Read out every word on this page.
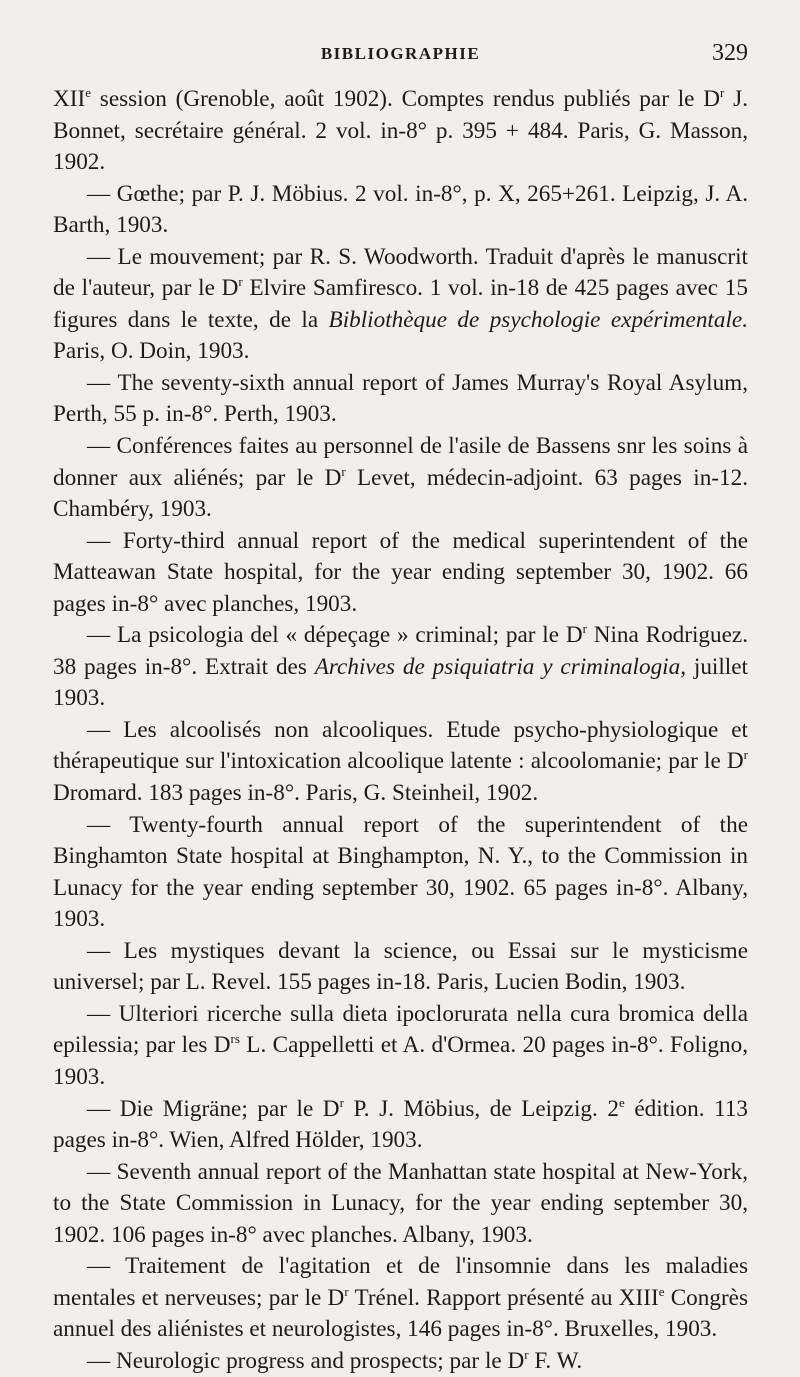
BIBLIOGRAPHIE	329

XIIe session (Grenoble, août 1902). Comptes rendus publiés par le $D^r$ J. Bonnet, secrétaire général. 2 vol. in-8° p. 395 + 484. Paris, G. Masson, 1902.

— Gœthe; par P. J. Möbius. 2 vol. in-8°, p. X, 265+261. Leipzig, J. A. Barth, 1903.

— Le mouvement; par R. S. Woodworth. Traduit d'après le manuscrit de l'auteur, par le $D^r$ Elvire Samfiresco. 1 vol. in-18 de 425 pages avec 15 figures dans le texte, de la Bibliothèque de psychologie expérimentale. Paris, O. Doin, 1903.

— The seventy-sixth annual report of James Murray's Royal Asylum, Perth, 55 p. in-8°. Perth, 1903.

— Conférences faites au personnel de l'asile de Bassens snr les soins à donner aux aliénés; par le $D^r$ Levet, médecin-adjoint. 63 pages in-12. Chambéry, 1903.

— Forty-third annual report of the medical superintendent of the Matteawan State hospital, for the year ending september 30, 1902. 66 pages in-8° avec planches, 1903.

— La psicologia del « dépeçage » criminal; par le $D^r$ Nina Rodriguez. 38 pages in-8°. Extrait des Archives de psiquiatria y criminalogia, juillet 1903.

— Les alcoolisés non alcooliques. Etude psycho-physiologique et thérapeutique sur l'intoxication alcoolique latente : alcoolomanie; par le $D^r$ Dromard. 183 pages in-8°. Paris, G. Steinheil, 1902.

— Twenty-fourth annual report of the superintendent of the Binghamton State hospital at Binghampton, N. Y., to the Commission in Lunacy for the year ending september 30, 1902. 65 pages in-8°. Albany, 1903.

— Les mystiques devant la science, ou Essai sur le mysticisme universel; par L. Revel. 155 pages in-18. Paris, Lucien Bodin, 1903.

— Ulteriori ricerche sulla dieta ipoclorurata nella cura bromica della epilessia; par les $D^{rs}$ L. Cappelletti et A. d'Ormea. 20 pages in-8°. Foligno, 1903.

— Die Migräne; par le $D^r$ P. J. Möbius, de Leipzig. 2e édition. 113 pages in-8°. Wien, Alfred Hölder, 1903.

— Seventh annual report of the Manhattan state hospital at New-York, to the State Commission in Lunacy, for the year ending september 30, 1902. 106 pages in-8° avec planches. Albany, 1903.

— Traitement de l'agitation et de l'insomnie dans les maladies mentales et nerveuses; par le $D^r$ Trénel. Rapport présenté au XIIIe Congrès annuel des aliénistes et neurologistes, 146 pages in-8°. Bruxelles, 1903.

— Neurologic progress and prospects; par le $D^r$ F. W.
